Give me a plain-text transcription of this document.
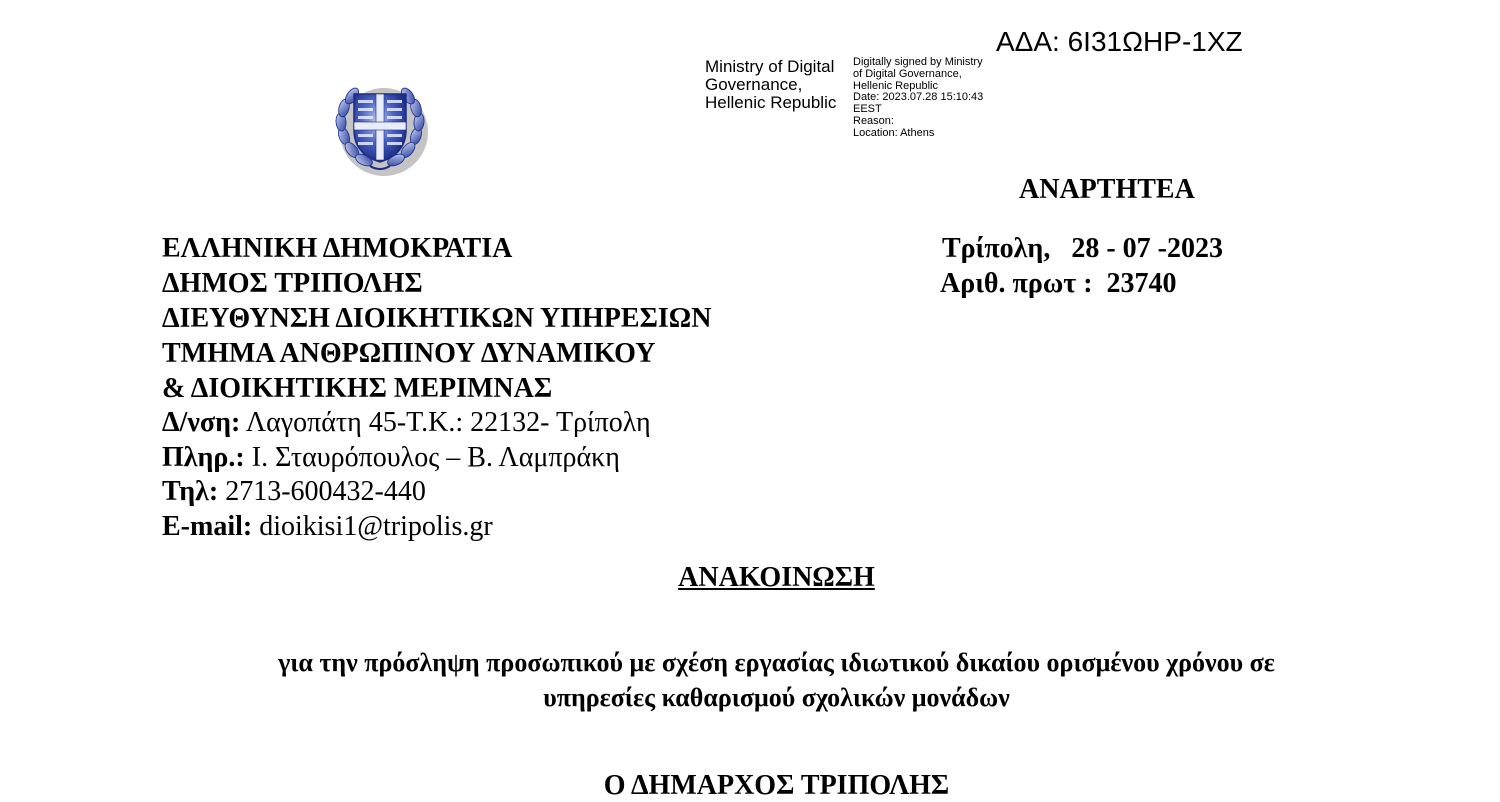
ΑΔΑ: 6Ι31ΩΗΡ-1ΧΖ
Ministry of Digital
Governance,
Hellenic Republic
Digitally signed by Ministry
of Digital Governance,
Hellenic Republic
Date: 2023.07.28 15:10:43
EEST
Reason:
Location: Athens
ΑΝΑΡΤΗΤΕΑ
ΕΛΛΗΝΙΚΗ ΔΗΜΟΚΡΑΤΙΑ
ΔΗΜΟΣ ΤΡΙΠΟΛΗΣ
ΔΙΕΥΘΥΝΣΗ ΔΙΟΙΚΗΤΙΚΩΝ ΥΠΗΡΕΣΙΩΝ
ΤΜΗΜΑ ΑΝΘΡΩΠΙΝΟΥ ΔΥΝΑΜΙΚΟΥ
& ΔΙΟΙΚΗΤΙΚΗΣ ΜΕΡΙΜΝΑΣ
Δ/νση: Λαγοπάτη 45-Τ.Κ.: 22132- Τρίπολη
Πληρ.: Ι. Σταυρόπουλος – Β. Λαμπράκη
Τηλ: 2713-600432-440
E-mail: dioikisi1@tripolis.gr
Τρίπολη,   28 - 07 -2023
Αριθ. πρωτ :  23740
ΑΝΑΚΟΙΝΩΣΗ
για την πρόσληψη προσωπικού με σχέση εργασίας ιδιωτικού δικαίου ορισμένου χρόνου σε
υπηρεσίες καθαρισμού σχολικών μονάδων
Ο ΔΗΜΑΡΧΟΣ ΤΡΙΠΟΛΗΣ
